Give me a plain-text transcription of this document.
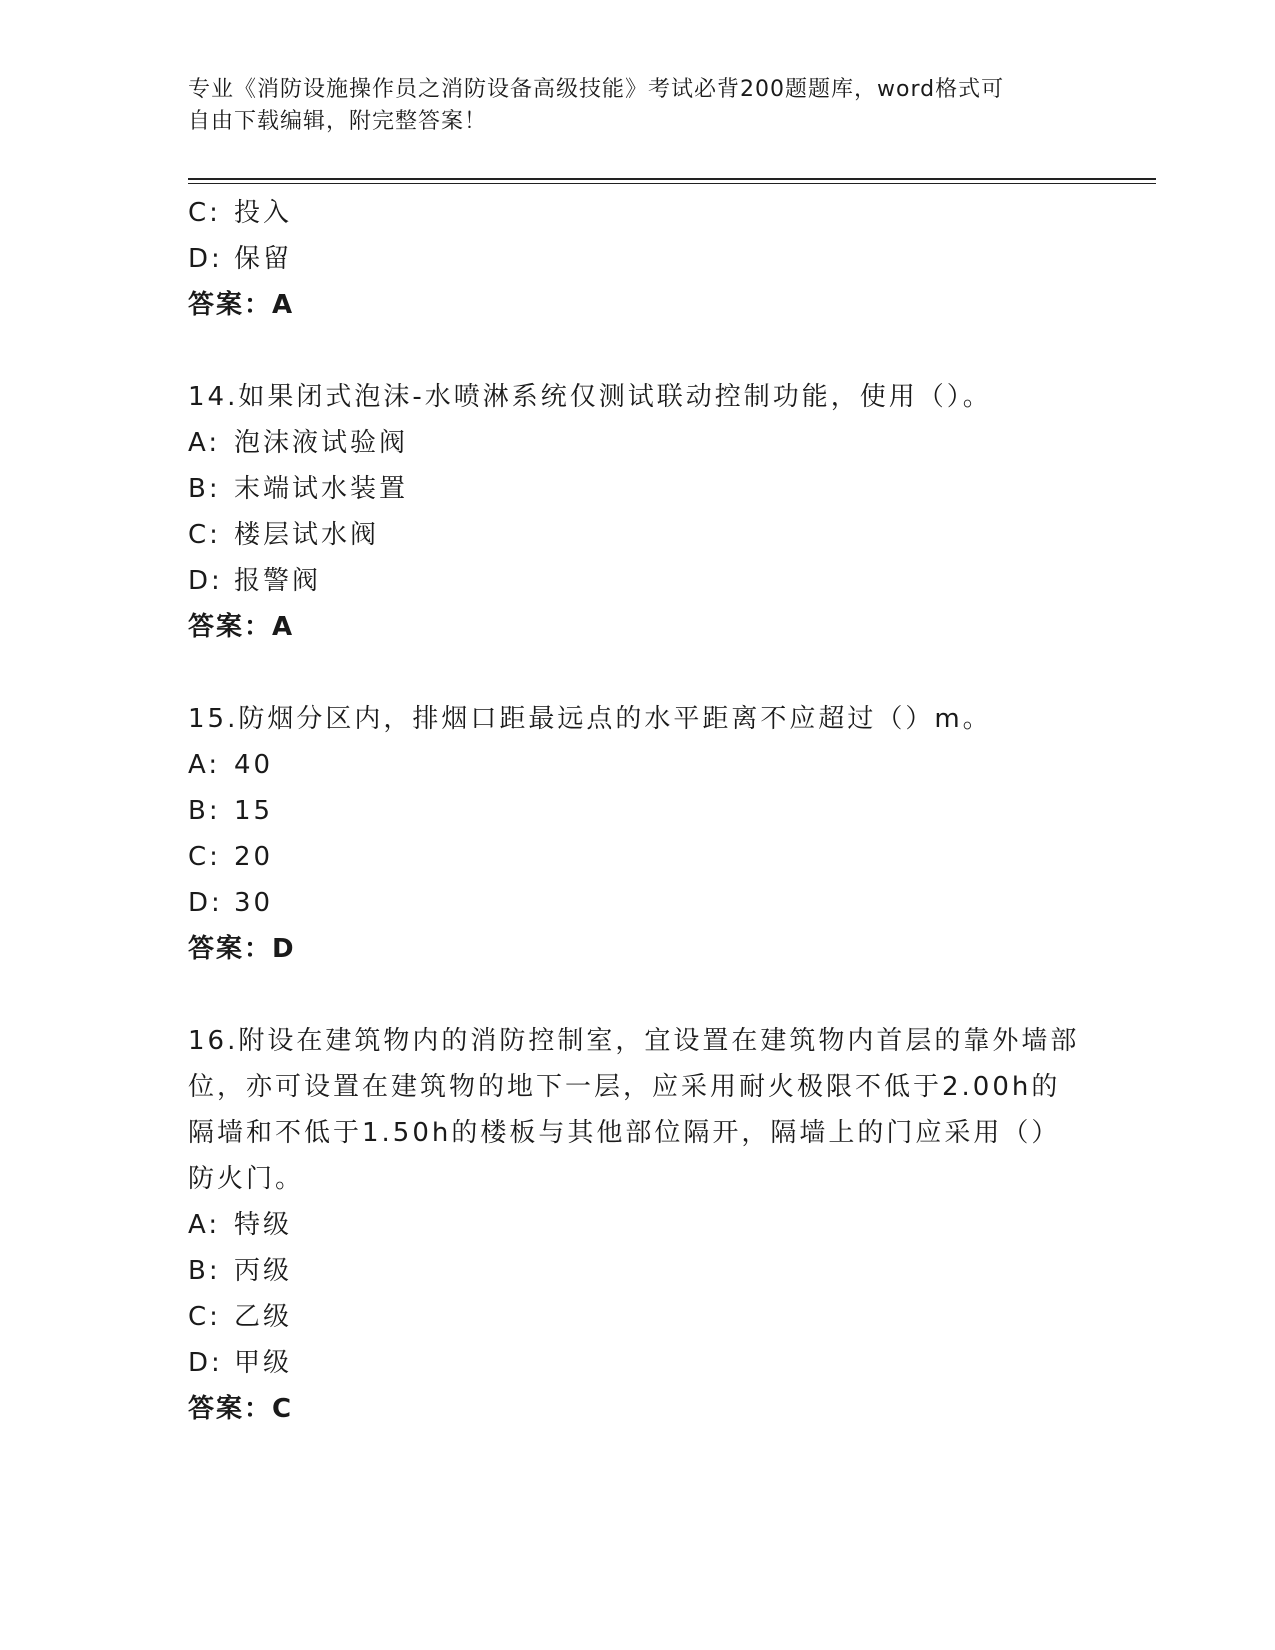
专业《消防设施操作员之消防设备高级技能》考试必背200题题库，word格式可
自由下载编辑，附完整答案！
C: 投入
D: 保留
答案：A
14.如果闭式泡沫-水喷淋系统仅测试联动控制功能，使用（）。
A: 泡沫液试验阀
B: 末端试水装置
C: 楼层试水阀
D: 报警阀
答案：A
15.防烟分区内，排烟口距最远点的水平距离不应超过（）m。
A: 40
B: 15
C: 20
D: 30
答案：D
16.附设在建筑物内的消防控制室，宜设置在建筑物内首层的靠外墙部
位，亦可设置在建筑物的地下一层，应采用耐火极限不低于2.00h的
隔墙和不低于1.50h的楼板与其他部位隔开，隔墙上的门应采用（）
防火门。
A: 特级
B: 丙级
C: 乙级
D: 甲级
答案：C
